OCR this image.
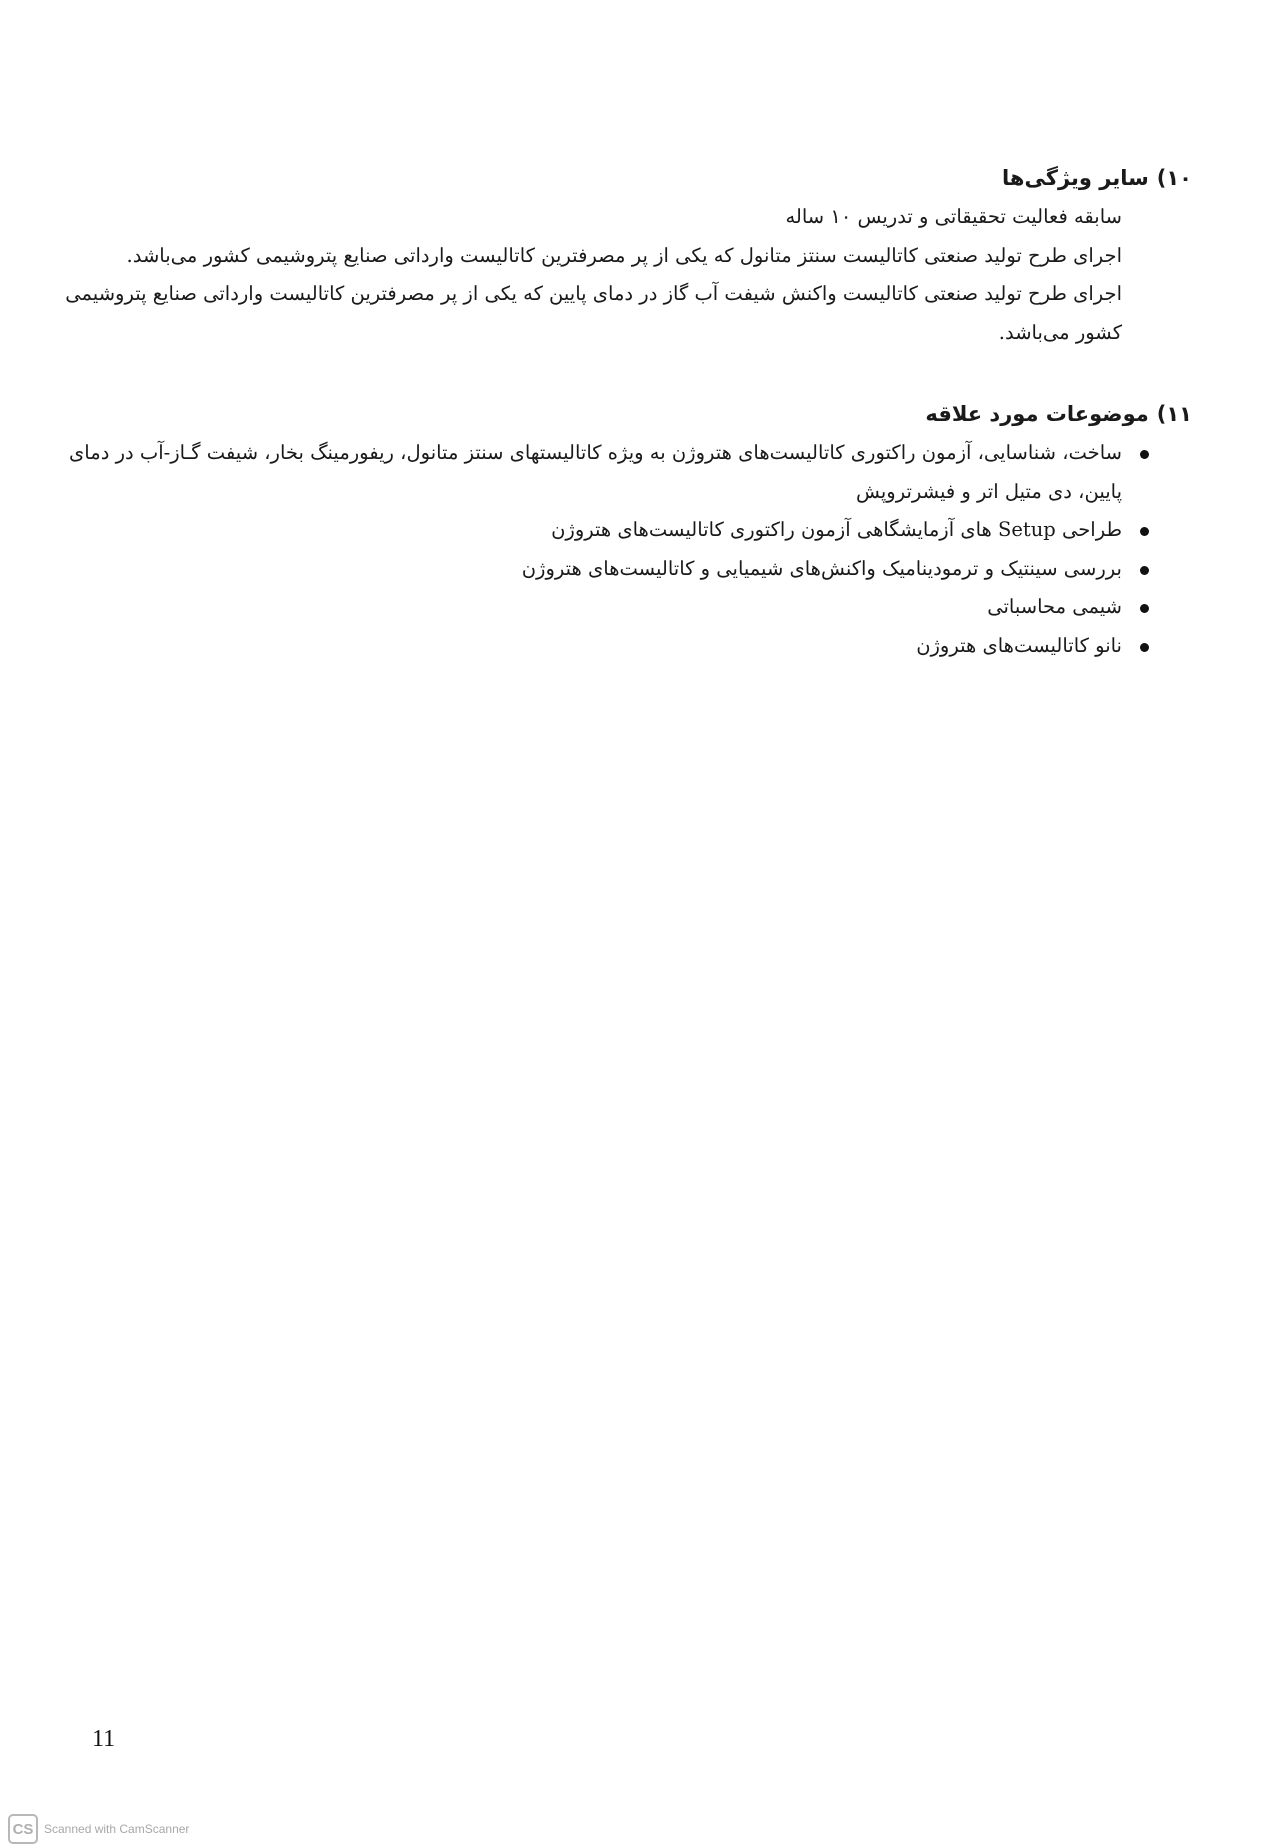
۱۰)
سایر ویژگی‌ها

سابقه فعالیت تحقیقاتی و تدریس ۱۰ ساله

اجرای طرح تولید صنعتی کاتالیست سنتز متانول که یکی از پر مصرفترین کاتالیست وارداتی صنایع پتروشیمی کشور می‌باشد.

اجرای طرح تولید صنعتی کاتالیست واکنش شیفت آب گاز در دمای پایین که یکی از پر مصرفترین کاتالیست وارداتی صنایع پتروشیمی کشور می‌باشد.

۱۱)
موضوعات مورد علاقه
ساخت، شناسایی، آزمون راکتوری کاتالیست‌های هتروژن به ویژه کاتالیستهای سنتز متانول، ریفورمینگ بخار، شیفت گـاز-آب در دمای پایین، دی متیل اتر و فیشرتروپش
طراحی Setup های آزمایشگاهی آزمون راکتوری کاتالیست‌های هتروژن
بررسی سینتیک و ترمودینامیک واکنش‌های شیمیایی و کاتالیست‌های هتروژن
شیمی محاسباتی
نانو کاتالیست‌های هتروژن
11
CS Scanned with CamScanner
